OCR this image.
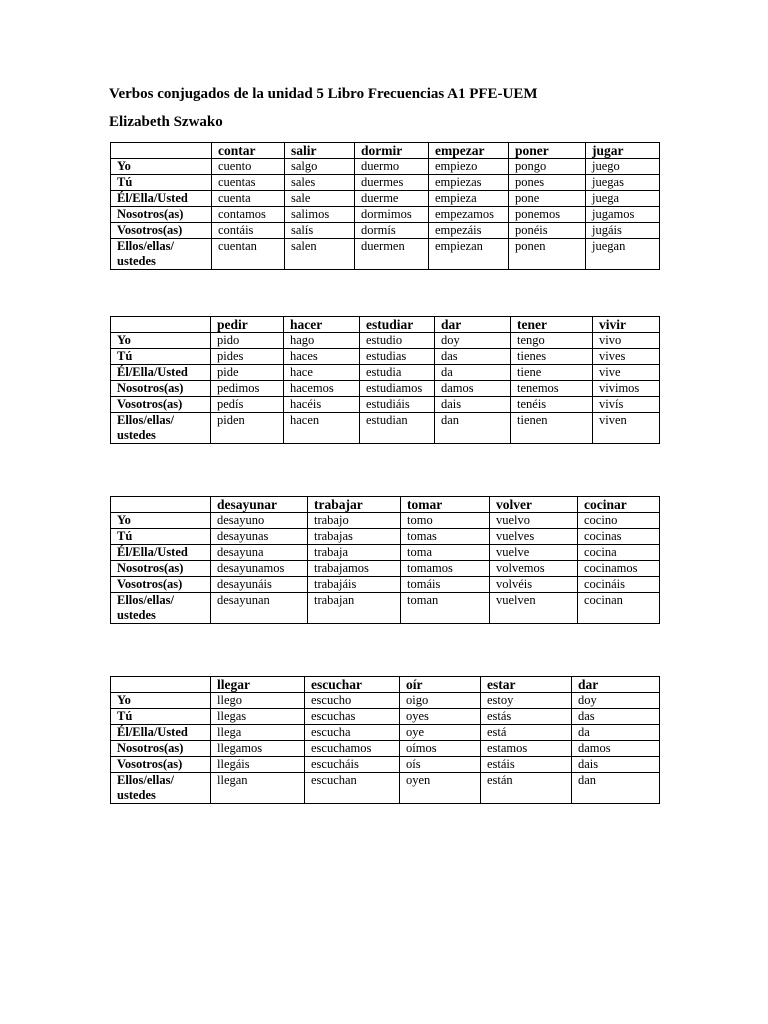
Verbos conjugados de la unidad 5 Libro Frecuencias A1 PFE-UEM
Elizabeth Szwako
	contar	salir	dormir	empezar	poner	jugar
Yo	cuento	salgo	duermo	empiezo	pongo	juego
Tú	cuentas	sales	duermes	empiezas	pones	juegas
Él/Ella/Usted	cuenta	sale	duerme	empieza	pone	juega
Nosotros(as)	contamos	salimos	dormimos	empezamos	ponemos	jugamos
Vosotros(as)	contáis	salís	dormís	empezáis	ponéis	jugáis
Ellos/ellas/ ustedes	cuentan	salen	duermen	empiezan	ponen	juegan
	pedir	hacer	estudiar	dar	tener	vivir
Yo	pido	hago	estudio	doy	tengo	vivo
Tú	pides	haces	estudias	das	tienes	vives
Él/Ella/Usted	pide	hace	estudia	da	tiene	vive
Nosotros(as)	pedimos	hacemos	estudiamos	damos	tenemos	vivimos
Vosotros(as)	pedís	hacéis	estudiáis	dais	tenéis	vivís
Ellos/ellas/ ustedes	piden	hacen	estudian	dan	tienen	viven
	desayunar	trabajar	tomar	volver	cocinar
Yo	desayuno	trabajo	tomo	vuelvo	cocino
Tú	desayunas	trabajas	tomas	vuelves	cocinas
Él/Ella/Usted	desayuna	trabaja	toma	vuelve	cocina
Nosotros(as)	desayunamos	trabajamos	tomamos	volvemos	cocinamos
Vosotros(as)	desayunáis	trabajáis	tomáis	volvéis	cocináis
Ellos/ellas/ ustedes	desayunan	trabajan	toman	vuelven	cocinan
	llegar	escuchar	oír	estar	dar
Yo	llego	escucho	oigo	estoy	doy
Tú	llegas	escuchas	oyes	estás	das
Él/Ella/Usted	llega	escucha	oye	está	da
Nosotros(as)	llegamos	escuchamos	oímos	estamos	damos
Vosotros(as)	llegáis	escucháis	oís	estáis	dais
Ellos/ellas/ ustedes	llegan	escuchan	oyen	están	dan
